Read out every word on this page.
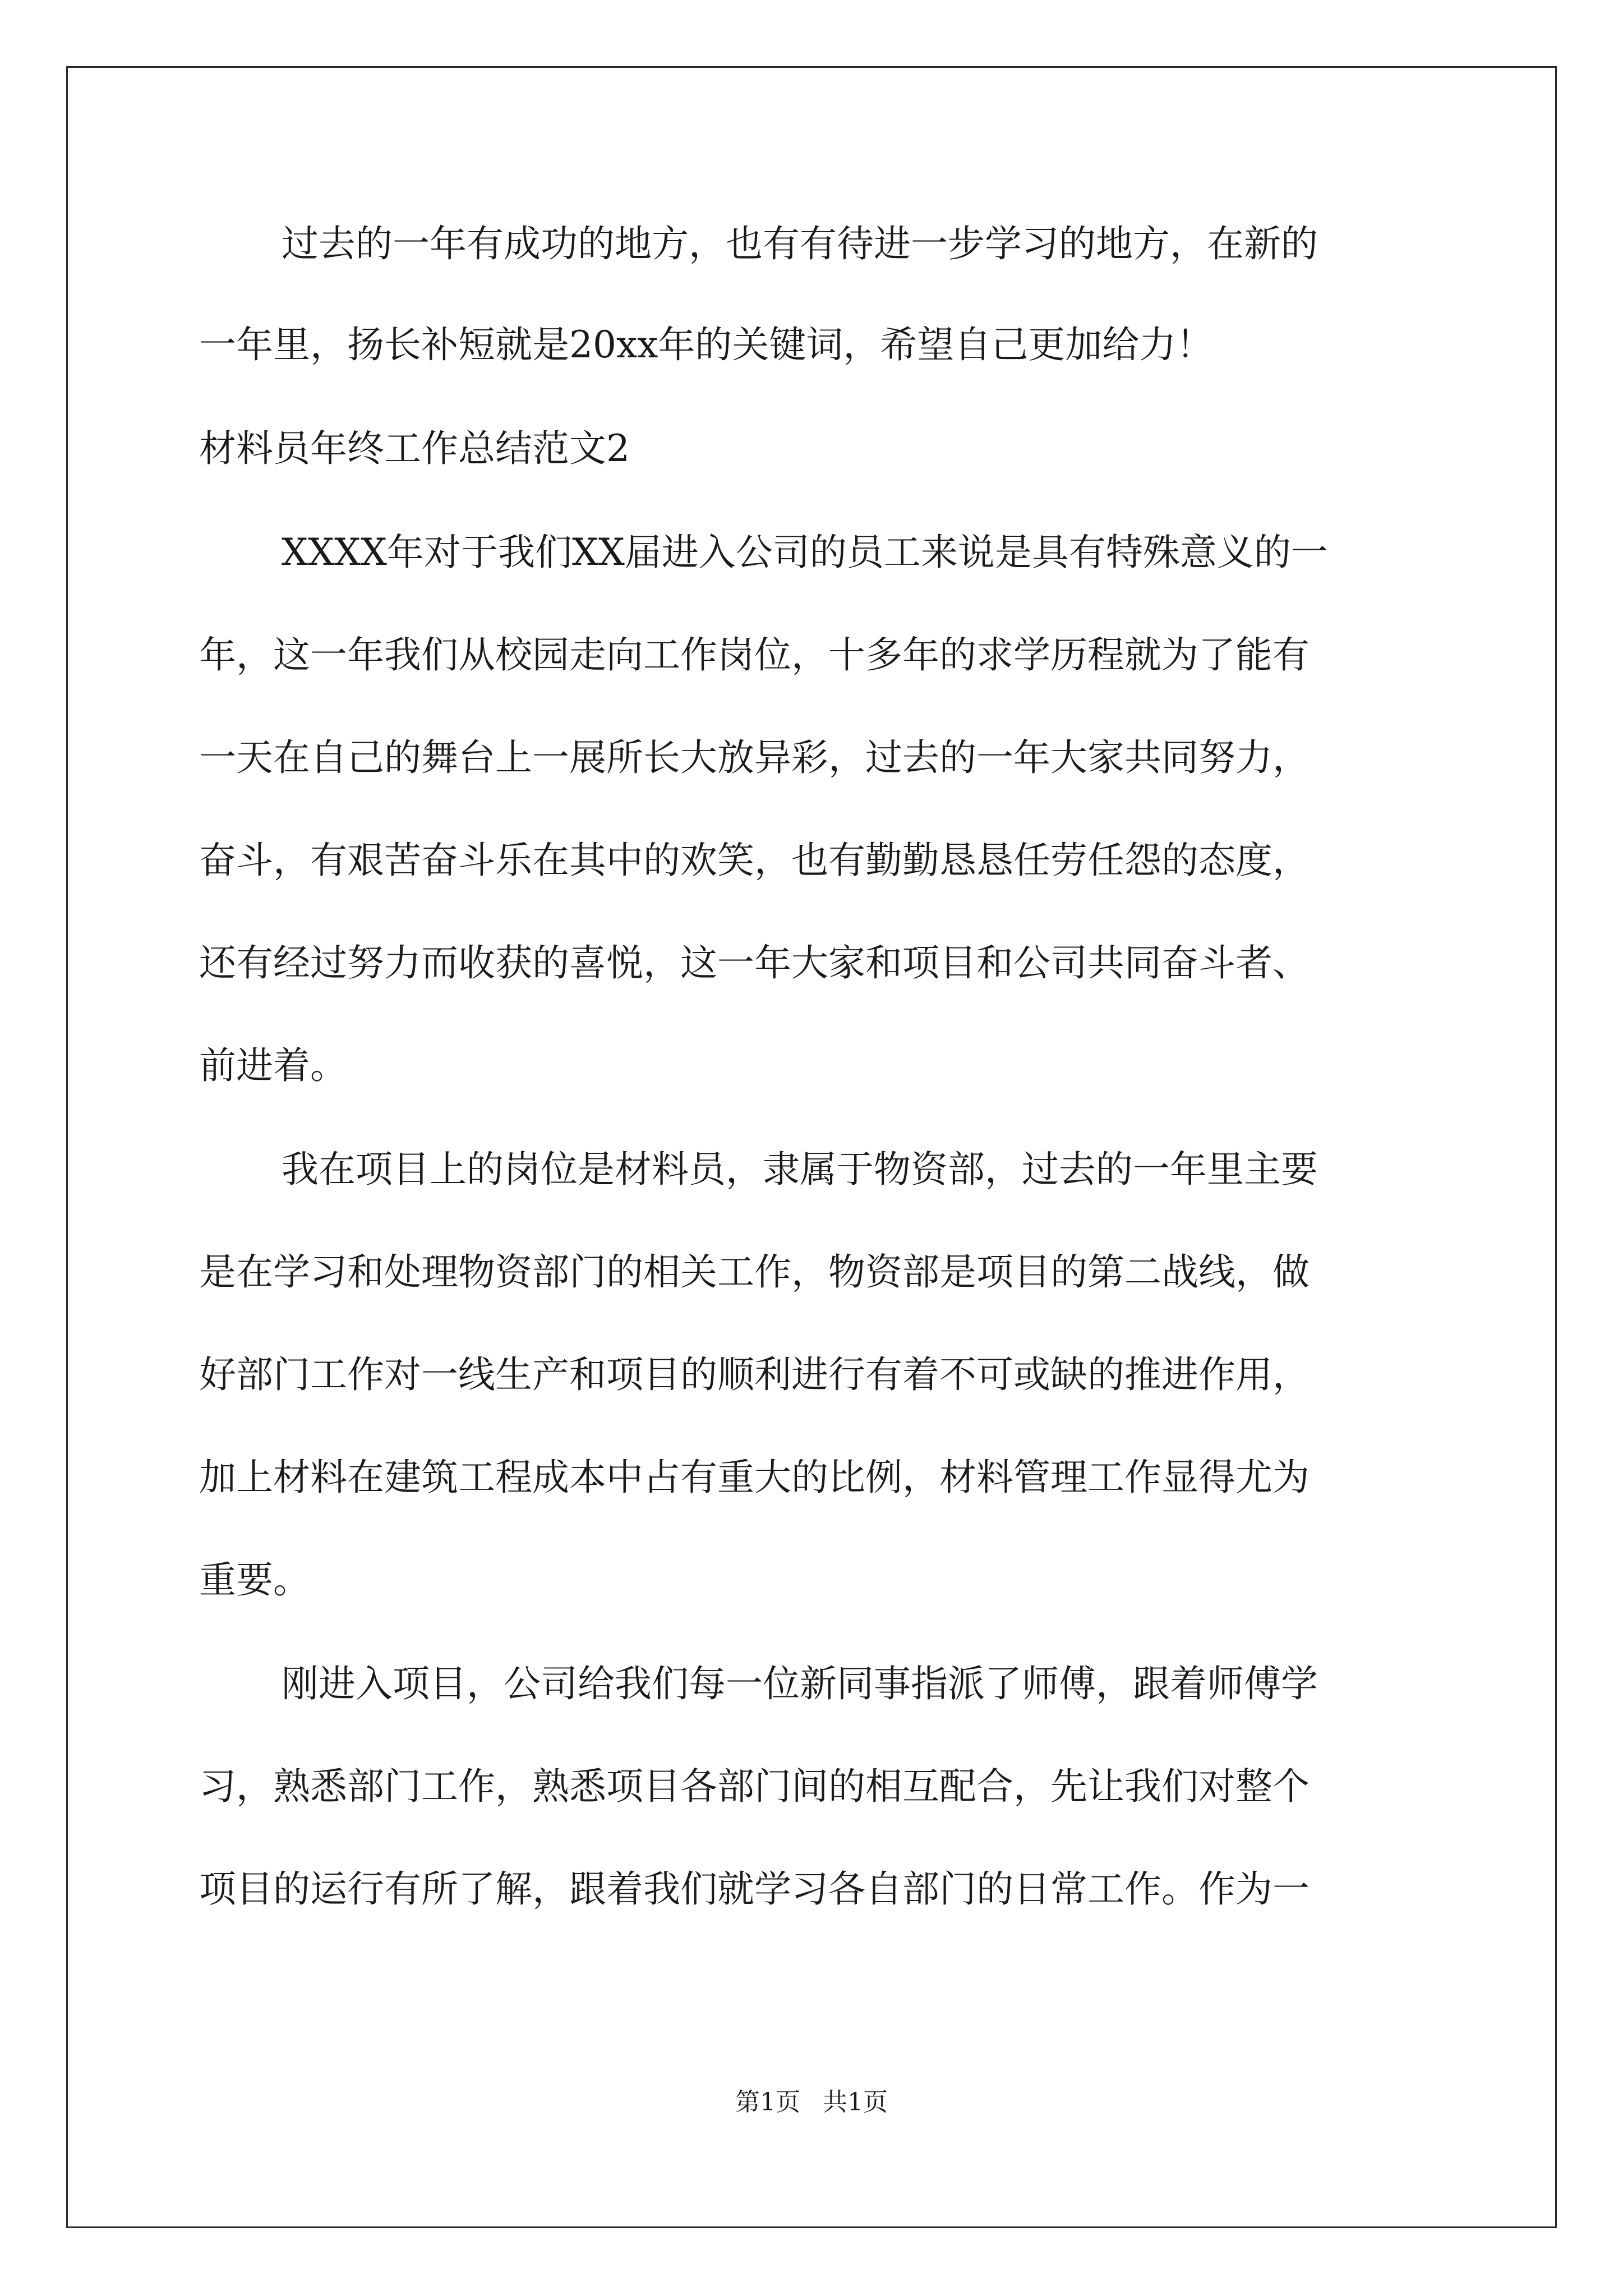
过去的一年有成功的地方，也有有待进一步学习的地方，在新的
一年里，扬长补短就是20xx年的关键词，希望自己更加给力！
材料员年终工作总结范文2
XXXX年对于我们XX届进入公司的员工来说是具有特殊意义的一
年，这一年我们从校园走向工作岗位，十多年的求学历程就为了能有
一天在自己的舞台上一展所长大放异彩，过去的一年大家共同努力，
奋斗，有艰苦奋斗乐在其中的欢笑，也有勤勤恳恳任劳任怨的态度，
还有经过努力而收获的喜悦，这一年大家和项目和公司共同奋斗者、
前进着。
我在项目上的岗位是材料员，隶属于物资部，过去的一年里主要
是在学习和处理物资部门的相关工作，物资部是项目的第二战线，做
好部门工作对一线生产和项目的顺利进行有着不可或缺的推进作用，
加上材料在建筑工程成本中占有重大的比例，材料管理工作显得尤为
重要。
刚进入项目，公司给我们每一位新同事指派了师傅，跟着师傅学
习，熟悉部门工作，熟悉项目各部门间的相互配合，先让我们对整个
项目的运行有所了解，跟着我们就学习各自部门的日常工作。作为一
第1页 共1页
